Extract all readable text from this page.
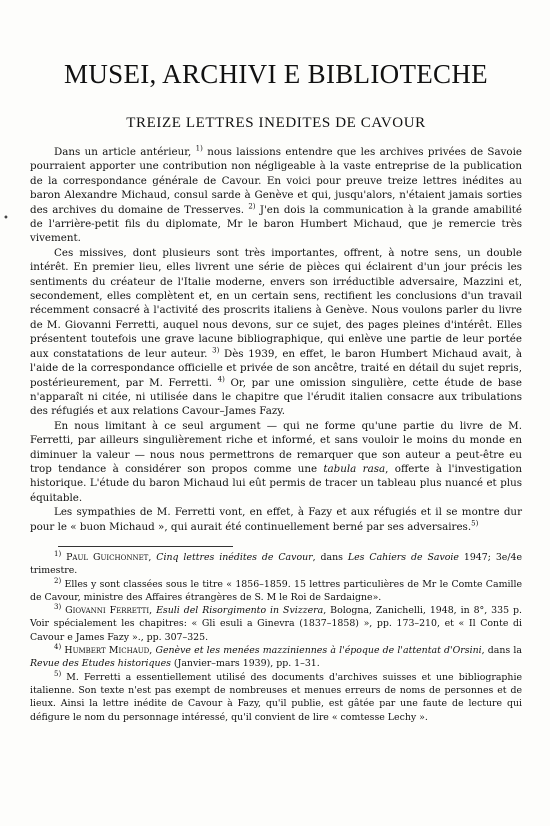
•
MUSEI, ARCHIVI E BIBLIOTECHE
TREIZE LETTRES INEDITES DE CAVOUR

Dans un article antérieur, $^{1)}$ nous laissions entendre que les archives privées de Savoie pourraient apporter une contribution non négligeable à la vaste entreprise de la publication de la correspondance générale de Cavour. En voici pour preuve treize lettres inédites au baron Alexandre Michaud, consul sarde à Genève et qui, jusqu'alors, n'étaient jamais sorties des archives du domaine de Tresserves. $^{2)}$ J'en dois la communication à la grande amabilité de l'arrière-petit fils du diplomate, Mr le baron Humbert Michaud, que je remercie très vivement.

Ces missives, dont plusieurs sont très importantes, offrent, à notre sens, un double intérêt. En premier lieu, elles livrent une série de pièces qui éclairent d'un jour précis les sentiments du créateur de l'Italie moderne, envers son irréductible adversaire, Mazzini et, secondement, elles complètent et, en un certain sens, rectifient les conclusions d'un travail récemment consacré à l'activité des proscrits italiens à Genève. Nous voulons parler du livre de M. Giovanni Ferretti, auquel nous devons, sur ce sujet, des pages pleines d'intérêt. Elles présentent toutefois une grave lacune bibliographique, qui enlève une partie de leur portée aux constatations de leur auteur. $^{3)}$ Dès 1939, en effet, le baron Humbert Michaud avait, à l'aide de la correspondance officielle et privée de son ancêtre, traité en détail du sujet repris, postérieurement, par M. Ferretti. $^{4)}$ Or, par une omission singulière, cette étude de base n'apparaît ni citée, ni utilisée dans le chapitre que l'érudit italien consacre aux tribulations des réfugiés et aux relations Cavour–James Fazy.

En nous limitant à ce seul argument — qui ne forme qu'une partie du livre de M. Ferretti, par ailleurs singulièrement riche et informé, et sans vouloir le moins du monde en diminuer la valeur — nous nous permettrons de remarquer que son auteur a peut-être eu trop tendance à considérer son propos comme une tabula rasa, offerte à l'investigation historique. L'étude du baron Michaud lui eût permis de tracer un tableau plus nuancé et plus équitable.

Les sympathies de M. Ferretti vont, en effet, à Fazy et aux réfugiés et il se montre dur pour le « buon Michaud », qui aurait été continuellement berné par ses adversaires.$^{5)}$

$^{1)}$ Paul Guichonnet, Cinq lettres inédites de Cavour, dans Les Cahiers de Savoie 1947; 3e/4e trimestre.

$^{2)}$ Elles y sont classées sous le titre « 1856–1859. 15 lettres particulières de Mr le Comte Camille de Cavour, ministre des Affaires étrangères de S. M le Roi de Sardaigne».

$^{3)}$ Giovanni Ferretti, Esuli del Risorgimento in Svizzera, Bologna, Zanichelli, 1948, in 8°, 335 p. Voir spécialement les chapitres: « Gli esuli a Ginevra (1837–1858) », pp. 173–210, et « Il Conte di Cavour e James Fazy »., pp. 307–325.

$^{4)}$ Humbert Michaud, Genève et les menées mazziniennes à l'époque de l'attentat d'Orsini, dans la Revue des Etudes historiques (Janvier–mars 1939), pp. 1–31.

$^{5)}$ M. Ferretti a essentiellement utilisé des documents d'archives suisses et une bibliographie italienne. Son texte n'est pas exempt de nombreuses et menues erreurs de noms de personnes et de lieux. Ainsi la lettre inédite de Cavour à Fazy, qu'il publie, est gâtée par une faute de lecture qui défigure le nom du personnage intéressé, qu'il convient de lire « comtesse Lechy ».
